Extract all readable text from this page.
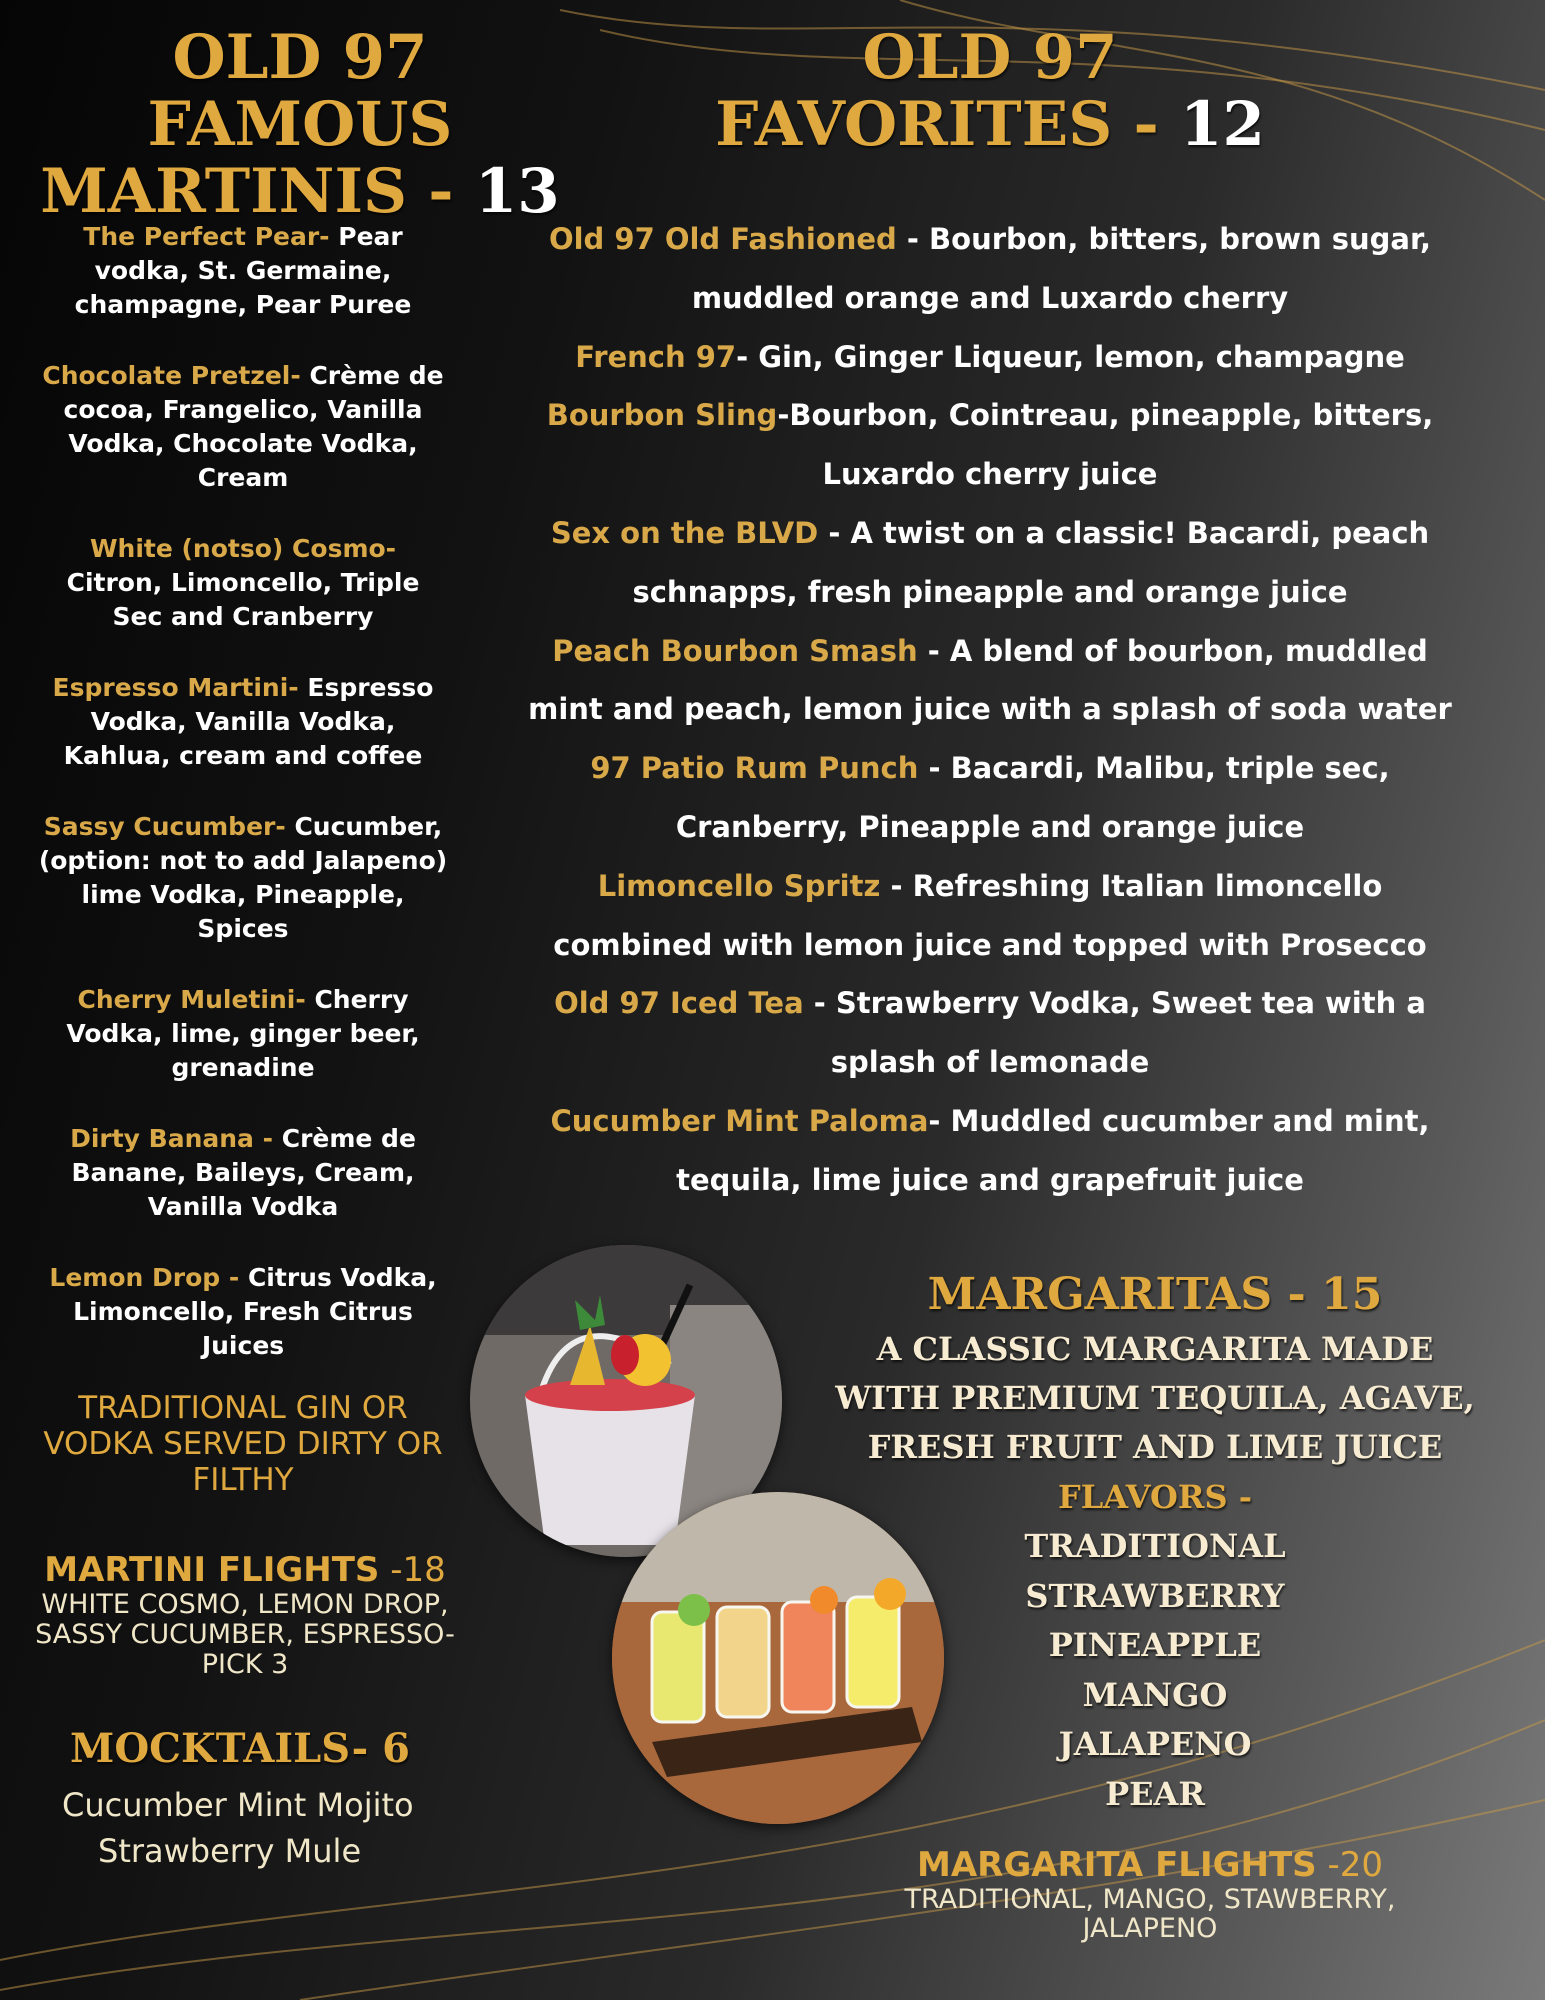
OLD 97 FAMOUS MARTINIS - 13
OLD 97 FAVORITES - 12

The Perfect Pear- Pear vodka, St. Germaine, champagne, Pear Puree

Chocolate Pretzel- Crème de cocoa, Frangelico, Vanilla Vodka, Chocolate Vodka, Cream

White (notso) Cosmo- Citron, Limoncello, Triple Sec and Cranberry

Espresso Martini- Espresso Vodka, Vanilla Vodka, Kahlua, cream and coffee

Sassy Cucumber- Cucumber, (option: not to add Jalapeno) lime Vodka, Pineapple, Spices

Cherry Muletini- Cherry Vodka, lime, ginger beer, grenadine

Dirty Banana - Crème de Banane, Baileys, Cream, Vanilla Vodka

Lemon Drop - Citrus Vodka, Limoncello, Fresh Citrus Juices

TRADITIONAL GIN OR VODKA SERVED DIRTY OR FILTHY
MARTINI FLIGHTS -18
WHITE COSMO, LEMON DROP, SASSY CUCUMBER, ESPRESSO- PICK 3
MOCKTAILS- 6
Cucumber Mint Mojito
Strawberry Mule

Old 97 Old Fashioned - Bourbon, bitters, brown sugar, muddled orange and Luxardo cherry

French 97- Gin, Ginger Liqueur, lemon, champagne

Bourbon Sling-Bourbon, Cointreau, pineapple, bitters, Luxardo cherry juice

Sex on the BLVD - A twist on a classic! Bacardi, peach schnapps, fresh pineapple and orange juice

Peach Bourbon Smash - A blend of bourbon, muddled mint and peach, lemon juice with a splash of soda water

97 Patio Rum Punch - Bacardi, Malibu, triple sec, Cranberry, Pineapple and orange juice

Limoncello Spritz - Refreshing Italian limoncello combined with lemon juice and topped with Prosecco

Old 97 Iced Tea - Strawberry Vodka, Sweet tea with a splash of lemonade

Cucumber Mint Paloma- Muddled cucumber and mint, tequila, lime juice and grapefruit juice

MARGARITAS - 15
A CLASSIC MARGARITA MADE WITH PREMIUM TEQUILA, AGAVE, FRESH FRUIT AND LIME JUICE
FLAVORS -
TRADITIONAL
STRAWBERRY
PINEAPPLE
MANGO
JALAPENO
PEAR
MARGARITA FLIGHTS -20
TRADITIONAL, MANGO, STAWBERRY, JALAPENO
